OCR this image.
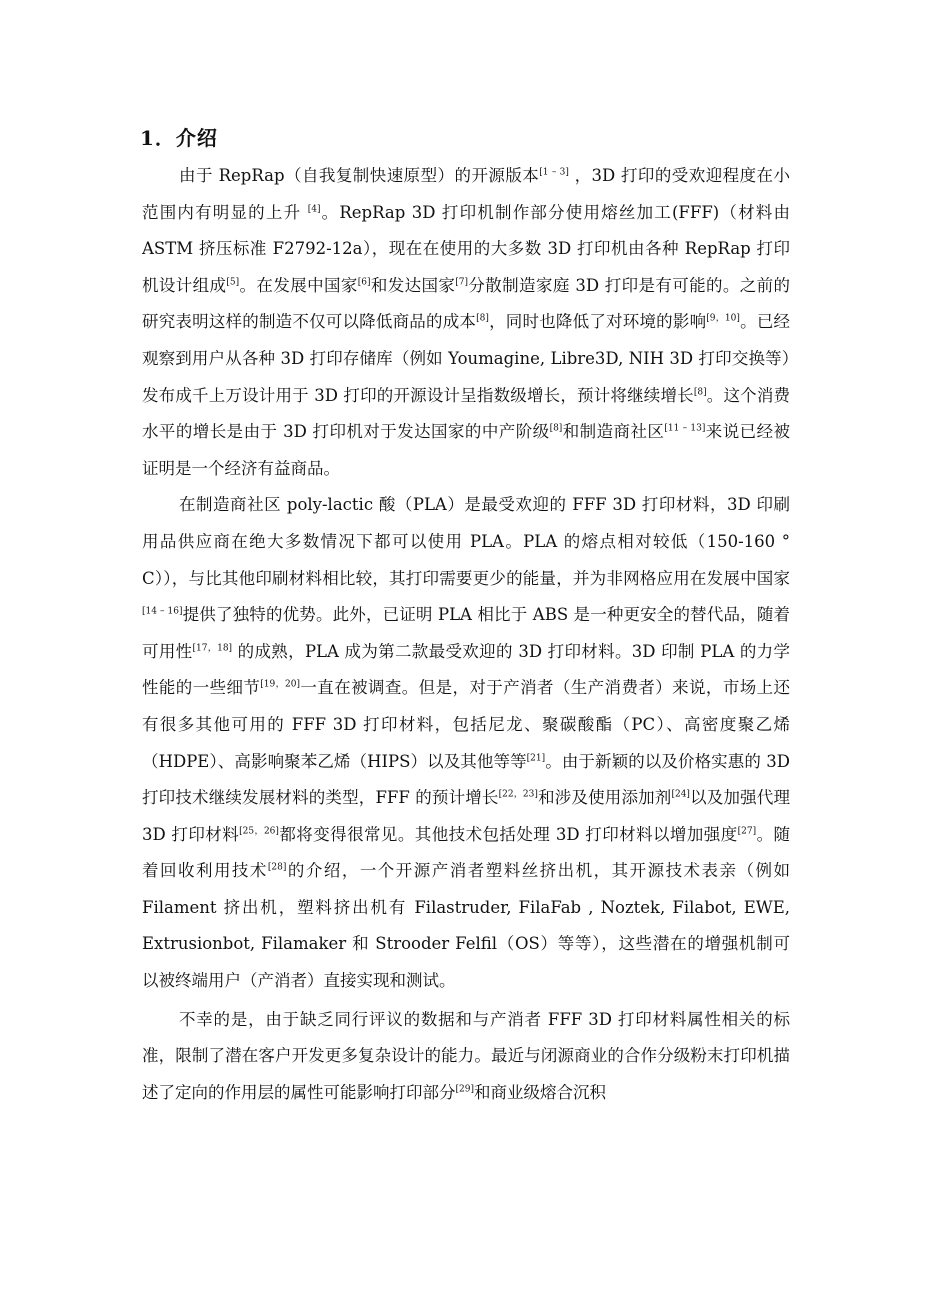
1．介绍

由于 RepRap（自我复制快速原型）的开源版本[1 – 3] ，3D 打印的受欢迎程度在小范围内有明显的上升 [4]。RepRap 3D 打印机制作部分使用熔丝加工(FFF)（材料由 ASTM 挤压标准 F2792-12a），现在在使用的大多数 3D 打印机由各种 RepRap 打印机设计组成[5]。在发展中国家[6]和发达国家[7]分散制造家庭 3D 打印是有可能的。之前的研究表明这样的制造不仅可以降低商品的成本[8]，同时也降低了对环境的影响[9，10]。已经观察到用户从各种 3D 打印存储库（例如 Youmagine, Libre3D, NIH 3D 打印交换等）发布成千上万设计用于 3D 打印的开源设计呈指数级增长，预计将继续增长[8]。这个消费水平的增长是由于 3D 打印机对于发达国家的中产阶级[8]和制造商社区[11 – 13]来说已经被证明是一个经济有益商品。

在制造商社区 poly-lactic 酸（PLA）是最受欢迎的 FFF 3D 打印材料，3D 印刷用品供应商在绝大多数情况下都可以使用 PLA。PLA 的熔点相对较低（150-160 ° C）），与比其他印刷材料相比较，其打印需要更少的能量，并为非网格应用在发展中国家[14 – 16]提供了独特的优势。此外，已证明 PLA 相比于 ABS 是一种更安全的替代品，随着可用性[17，18] 的成熟，PLA 成为第二款最受欢迎的 3D 打印材料。3D 印制 PLA 的力学性能的一些细节[19，20]一直在被调查。但是，对于产消者（生产消费者）来说，市场上还有很多其他可用的 FFF 3D 打印材料，包括尼龙、聚碳酸酯（PC）、高密度聚乙烯（HDPE）、高影响聚苯乙烯（HIPS）以及其他等等[21]。由于新颖的以及价格实惠的 3D 打印技术继续发展材料的类型，FFF 的预计增长[22，23]和涉及使用添加剂[24]以及加强代理 3D 打印材料[25，26]都将变得很常见。其他技术包括处理 3D 打印材料以增加强度[27]。随着回收利用技术[28]的介绍，一个开源产消者塑料丝挤出机，其开源技术表亲（例如 Filament 挤出机，塑料挤出机有 Filastruder, FilaFab , Noztek, Filabot, EWE, Extrusionbot, Filamaker 和 Strooder Felfil（OS）等等），这些潜在的增强机制可以被终端用户（产消者）直接实现和测试。

不幸的是，由于缺乏同行评议的数据和与产消者 FFF 3D 打印材料属性相关的标准，限制了潜在客户开发更多复杂设计的能力。最近与闭源商业的合作分级粉末打印机描述了定向的作用层的属性可能影响打印部分[29]和商业级熔合沉积
